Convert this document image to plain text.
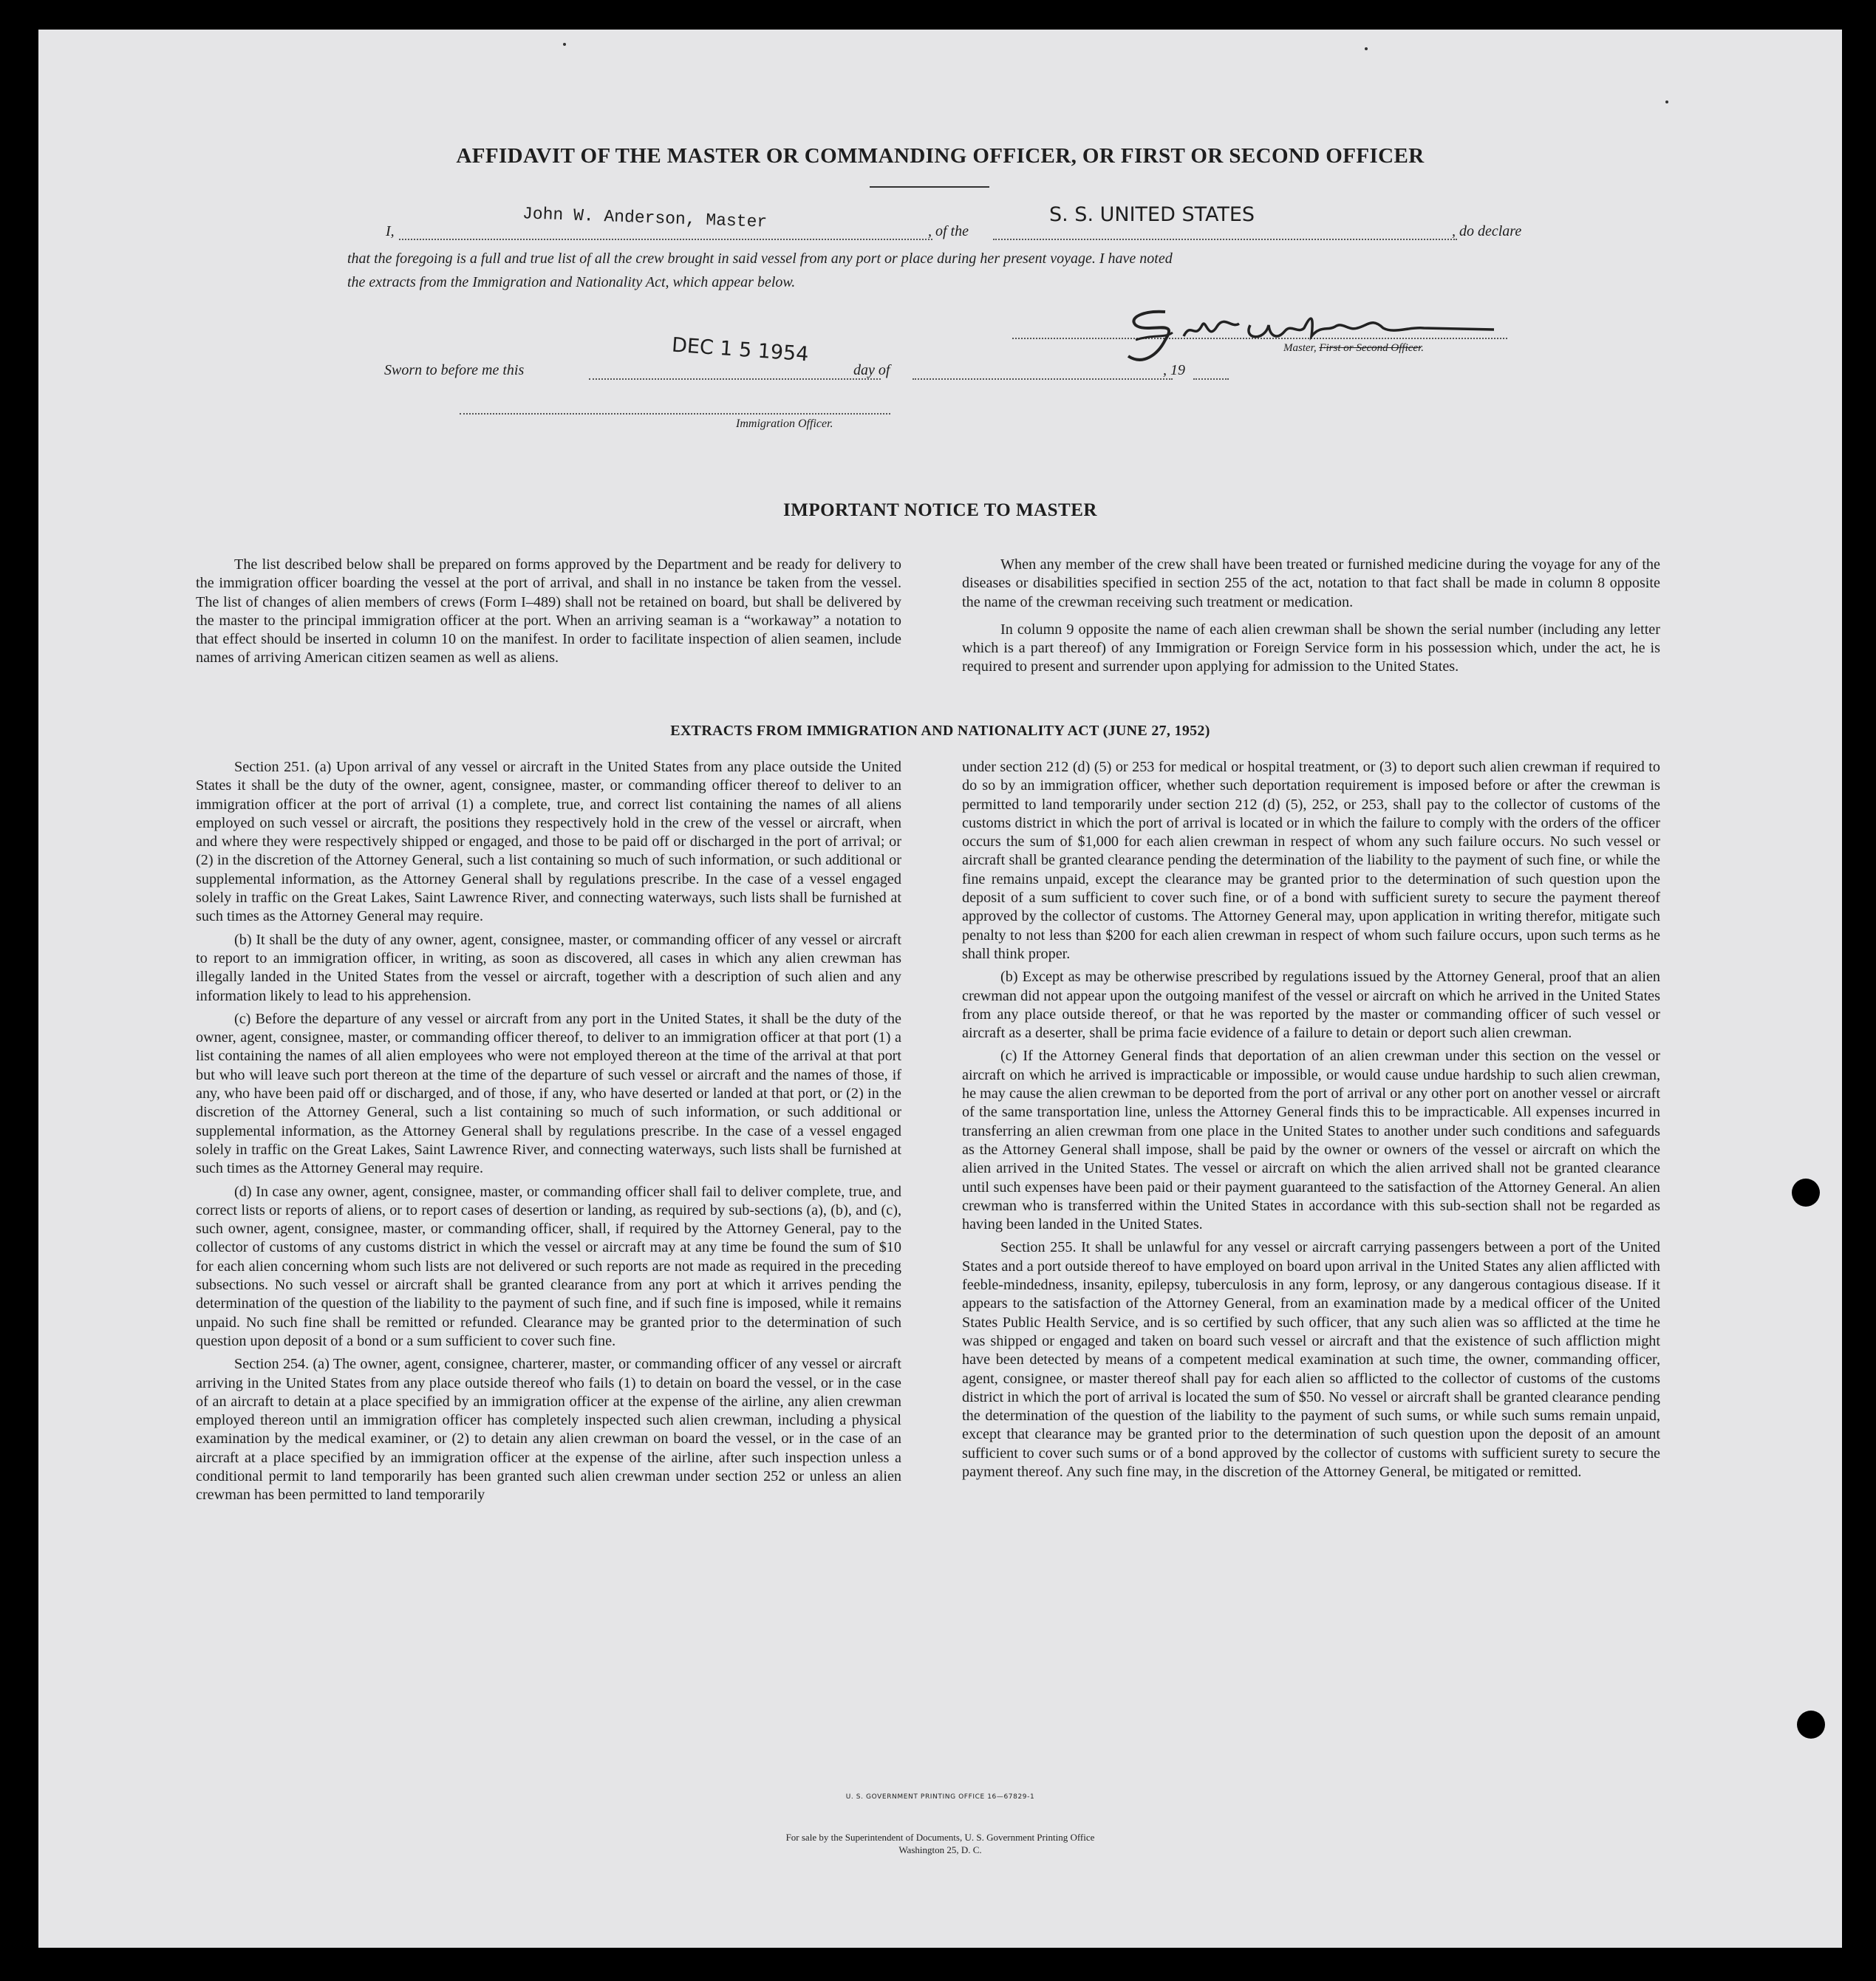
AFFIDAVIT OF THE MASTER OR COMMANDING OFFICER, OR FIRST OR SECOND OFFICER
I,	John W. Anderson, Master	, of the
S. S. UNITED STATES
, do declare
that the foregoing is a full and true list of all the crew brought in said vessel from any port or place during her present voyage. I have noted
the extracts from the Immigration and Nationality Act, which appear below.
Master, First or Second Officer.
Sworn to before me this
DEC 1 5 1954
day of	, 19
Immigration Officer.
IMPORTANT NOTICE TO MASTER

The list described below shall be prepared on forms approved by the Department and be ready for delivery to the immigration officer boarding the vessel at the port of arrival, and shall in no instance be taken from the vessel. The list of changes of alien members of crews (Form I–489) shall not be retained on board, but shall be delivered by the master to the principal immigration officer at the port. When an arriving seaman is a “workaway” a notation to that effect should be inserted in column 10 on the manifest. In order to facilitate inspection of alien seamen, include names of arriving American citizen seamen as well as aliens.

When any member of the crew shall have been treated or furnished medicine during the voyage for any of the diseases or disabilities specified in section 255 of the act, notation to that fact shall be made in column 8 opposite the name of the crewman receiving such treatment or medication.

In column 9 opposite the name of each alien crewman shall be shown the serial number (including any letter which is a part thereof) of any Immigration or Foreign Service form in his possession which, under the act, he is required to present and surrender upon applying for admission to the United States.

EXTRACTS FROM IMMIGRATION AND NATIONALITY ACT (JUNE 27, 1952)

Section 251. (a) Upon arrival of any vessel or aircraft in the United States from any place outside the United States it shall be the duty of the owner, agent, consignee, master, or commanding officer thereof to deliver to an immigration officer at the port of arrival (1) a complete, true, and correct list containing the names of all aliens employed on such vessel or aircraft, the positions they respectively hold in the crew of the vessel or aircraft, when and where they were respectively shipped or engaged, and those to be paid off or discharged in the port of arrival; or (2) in the discretion of the Attorney General, such a list containing so much of such information, or such additional or supplemental information, as the Attorney General shall by regulations prescribe. In the case of a vessel engaged solely in traffic on the Great Lakes, Saint Lawrence River, and connecting waterways, such lists shall be furnished at such times as the Attorney General may require.

(b) It shall be the duty of any owner, agent, consignee, master, or commanding officer of any vessel or aircraft to report to an immigration officer, in writing, as soon as discovered, all cases in which any alien crewman has illegally landed in the United States from the vessel or aircraft, together with a description of such alien and any information likely to lead to his apprehension.

(c) Before the departure of any vessel or aircraft from any port in the United States, it shall be the duty of the owner, agent, consignee, master, or commanding officer thereof, to deliver to an immigration officer at that port (1) a list containing the names of all alien employees who were not employed thereon at the time of the arrival at that port but who will leave such port thereon at the time of the departure of such vessel or aircraft and the names of those, if any, who have been paid off or discharged, and of those, if any, who have deserted or landed at that port, or (2) in the discretion of the Attorney General, such a list containing so much of such information, or such additional or supplemental information, as the Attorney General shall by regulations prescribe. In the case of a vessel engaged solely in traffic on the Great Lakes, Saint Lawrence River, and connecting waterways, such lists shall be furnished at such times as the Attorney General may require.

(d) In case any owner, agent, consignee, master, or commanding officer shall fail to deliver complete, true, and correct lists or reports of aliens, or to report cases of desertion or landing, as required by sub-sections (a), (b), and (c), such owner, agent, consignee, master, or commanding officer, shall, if required by the Attorney General, pay to the collector of customs of any customs district in which the vessel or aircraft may at any time be found the sum of $10 for each alien concerning whom such lists are not delivered or such reports are not made as required in the preceding subsections. No such vessel or aircraft shall be granted clearance from any port at which it arrives pending the determination of the question of the liability to the payment of such fine, and if such fine is imposed, while it remains unpaid. No such fine shall be remitted or refunded. Clearance may be granted prior to the determination of such question upon deposit of a bond or a sum sufficient to cover such fine.

Section 254. (a) The owner, agent, consignee, charterer, master, or commanding officer of any vessel or aircraft arriving in the United States from any place outside thereof who fails (1) to detain on board the vessel, or in the case of an aircraft to detain at a place specified by an immigration officer at the expense of the airline, any alien crewman employed thereon until an immigration officer has completely inspected such alien crewman, including a physical examination by the medical examiner, or (2) to detain any alien crewman on board the vessel, or in the case of an aircraft at a place specified by an immigration officer at the expense of the airline, after such inspection unless a conditional permit to land temporarily has been granted such alien crewman under section 252 or unless an alien crewman has been permitted to land temporarily

under section 212 (d) (5) or 253 for medical or hospital treatment, or (3) to deport such alien crewman if required to do so by an immigration officer, whether such deportation requirement is imposed before or after the crewman is permitted to land temporarily under section 212 (d) (5), 252, or 253, shall pay to the collector of customs of the customs district in which the port of arrival is located or in which the failure to comply with the orders of the officer occurs the sum of $1,000 for each alien crewman in respect of whom any such failure occurs. No such vessel or aircraft shall be granted clearance pending the determination of the liability to the payment of such fine, or while the fine remains unpaid, except the clearance may be granted prior to the determination of such question upon the deposit of a sum sufficient to cover such fine, or of a bond with sufficient surety to secure the payment thereof approved by the collector of customs. The Attorney General may, upon application in writing therefor, mitigate such penalty to not less than $200 for each alien crewman in respect of whom such failure occurs, upon such terms as he shall think proper.

(b) Except as may be otherwise prescribed by regulations issued by the Attorney General, proof that an alien crewman did not appear upon the outgoing manifest of the vessel or aircraft on which he arrived in the United States from any place outside thereof, or that he was reported by the master or commanding officer of such vessel or aircraft as a deserter, shall be prima facie evidence of a failure to detain or deport such alien crewman.

(c) If the Attorney General finds that deportation of an alien crewman under this section on the vessel or aircraft on which he arrived is impracticable or impossible, or would cause undue hardship to such alien crewman, he may cause the alien crewman to be deported from the port of arrival or any other port on another vessel or aircraft of the same transportation line, unless the Attorney General finds this to be impracticable. All expenses incurred in transferring an alien crewman from one place in the United States to another under such conditions and safeguards as the Attorney General shall impose, shall be paid by the owner or owners of the vessel or aircraft on which the alien arrived in the United States. The vessel or aircraft on which the alien arrived shall not be granted clearance until such expenses have been paid or their payment guaranteed to the satisfaction of the Attorney General. An alien crewman who is transferred within the United States in accordance with this sub-section shall not be regarded as having been landed in the United States.

Section 255. It shall be unlawful for any vessel or aircraft carrying passengers between a port of the United States and a port outside thereof to have employed on board upon arrival in the United States any alien afflicted with feeble-mindedness, insanity, epilepsy, tuberculosis in any form, leprosy, or any dangerous contagious disease. If it appears to the satisfaction of the Attorney General, from an examination made by a medical officer of the United States Public Health Service, and is so certified by such officer, that any such alien was so afflicted at the time he was shipped or engaged and taken on board such vessel or aircraft and that the existence of such affliction might have been detected by means of a competent medical examination at such time, the owner, commanding officer, agent, consignee, or master thereof shall pay for each alien so afflicted to the collector of customs of the customs district in which the port of arrival is located the sum of $50. No vessel or aircraft shall be granted clearance pending the determination of the question of the liability to the payment of such sums, or while such sums remain unpaid, except that clearance may be granted prior to the determination of such question upon the deposit of an amount sufficient to cover such sums or of a bond approved by the collector of customs with sufficient surety to secure the payment thereof. Any such fine may, in the discretion of the Attorney General, be mitigated or remitted.

U. S. GOVERNMENT PRINTING OFFICE 16—67829-1
For sale by the Superintendent of Documents, U. S. Government Printing Office
Washington 25, D. C.
